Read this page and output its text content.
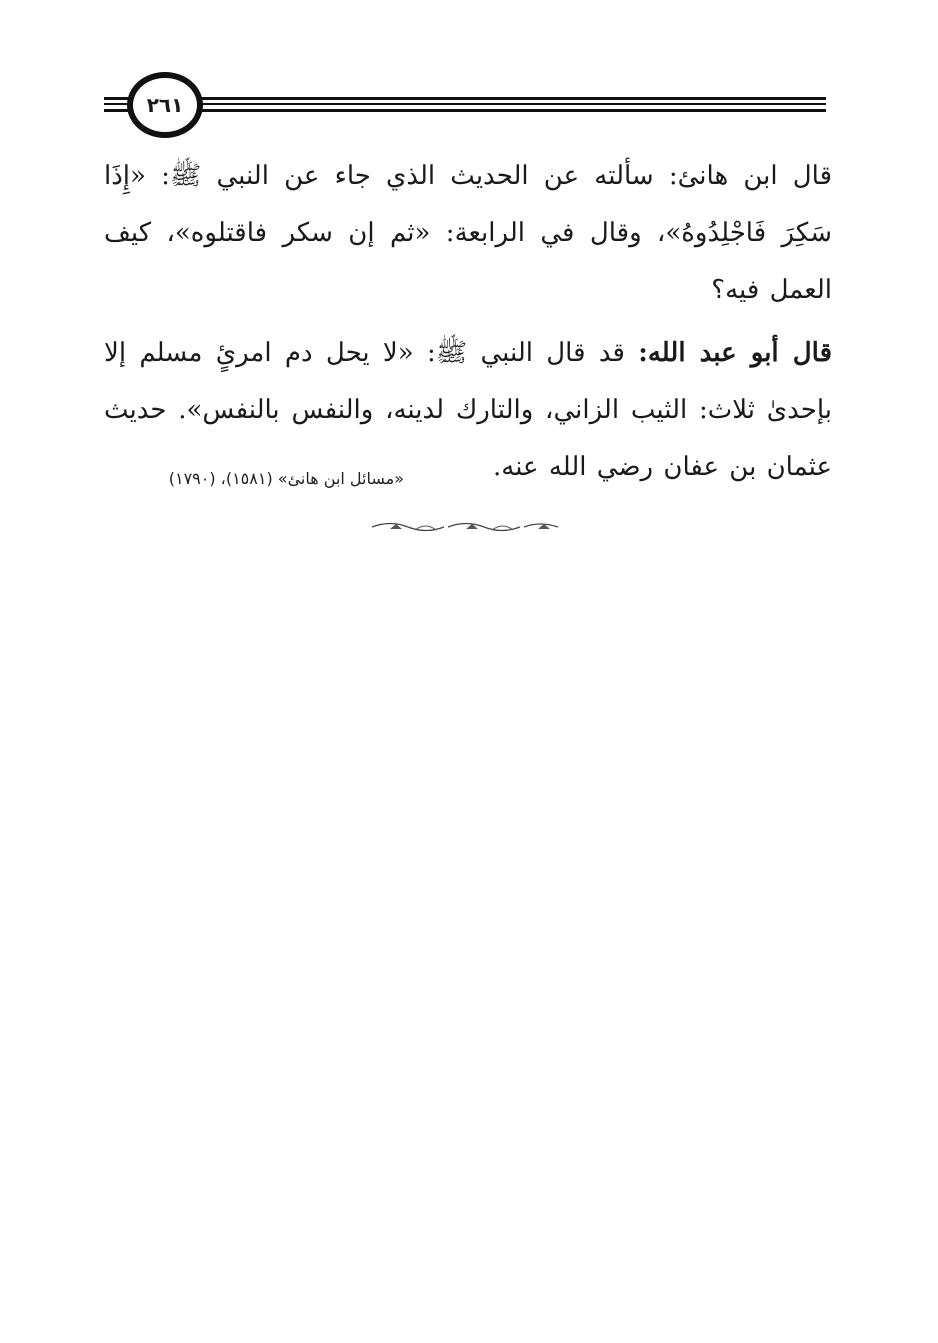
٢٦١

قال ابن هانئ: سألته عن الحديث الذي جاء عن النبي ﷺ: «إِذَا سَكِرَ فَاجْلِدُوهُ»، وقال في الرابعة: «ثم إن سكر فاقتلوه»، كيف العمل فيه؟

قال أبو عبد الله: قد قال النبي ﷺ: «لا يحل دم امرئٍ مسلم إلا بإحدىٰ ثلاث: الثيب الزاني، والتارك لدينه، والنفس بالنفس». حديث عثمان بن عفان رضي الله عنه.

«مسائل ابن هانئ» (١٥٨١)، (١٧٩٠)
